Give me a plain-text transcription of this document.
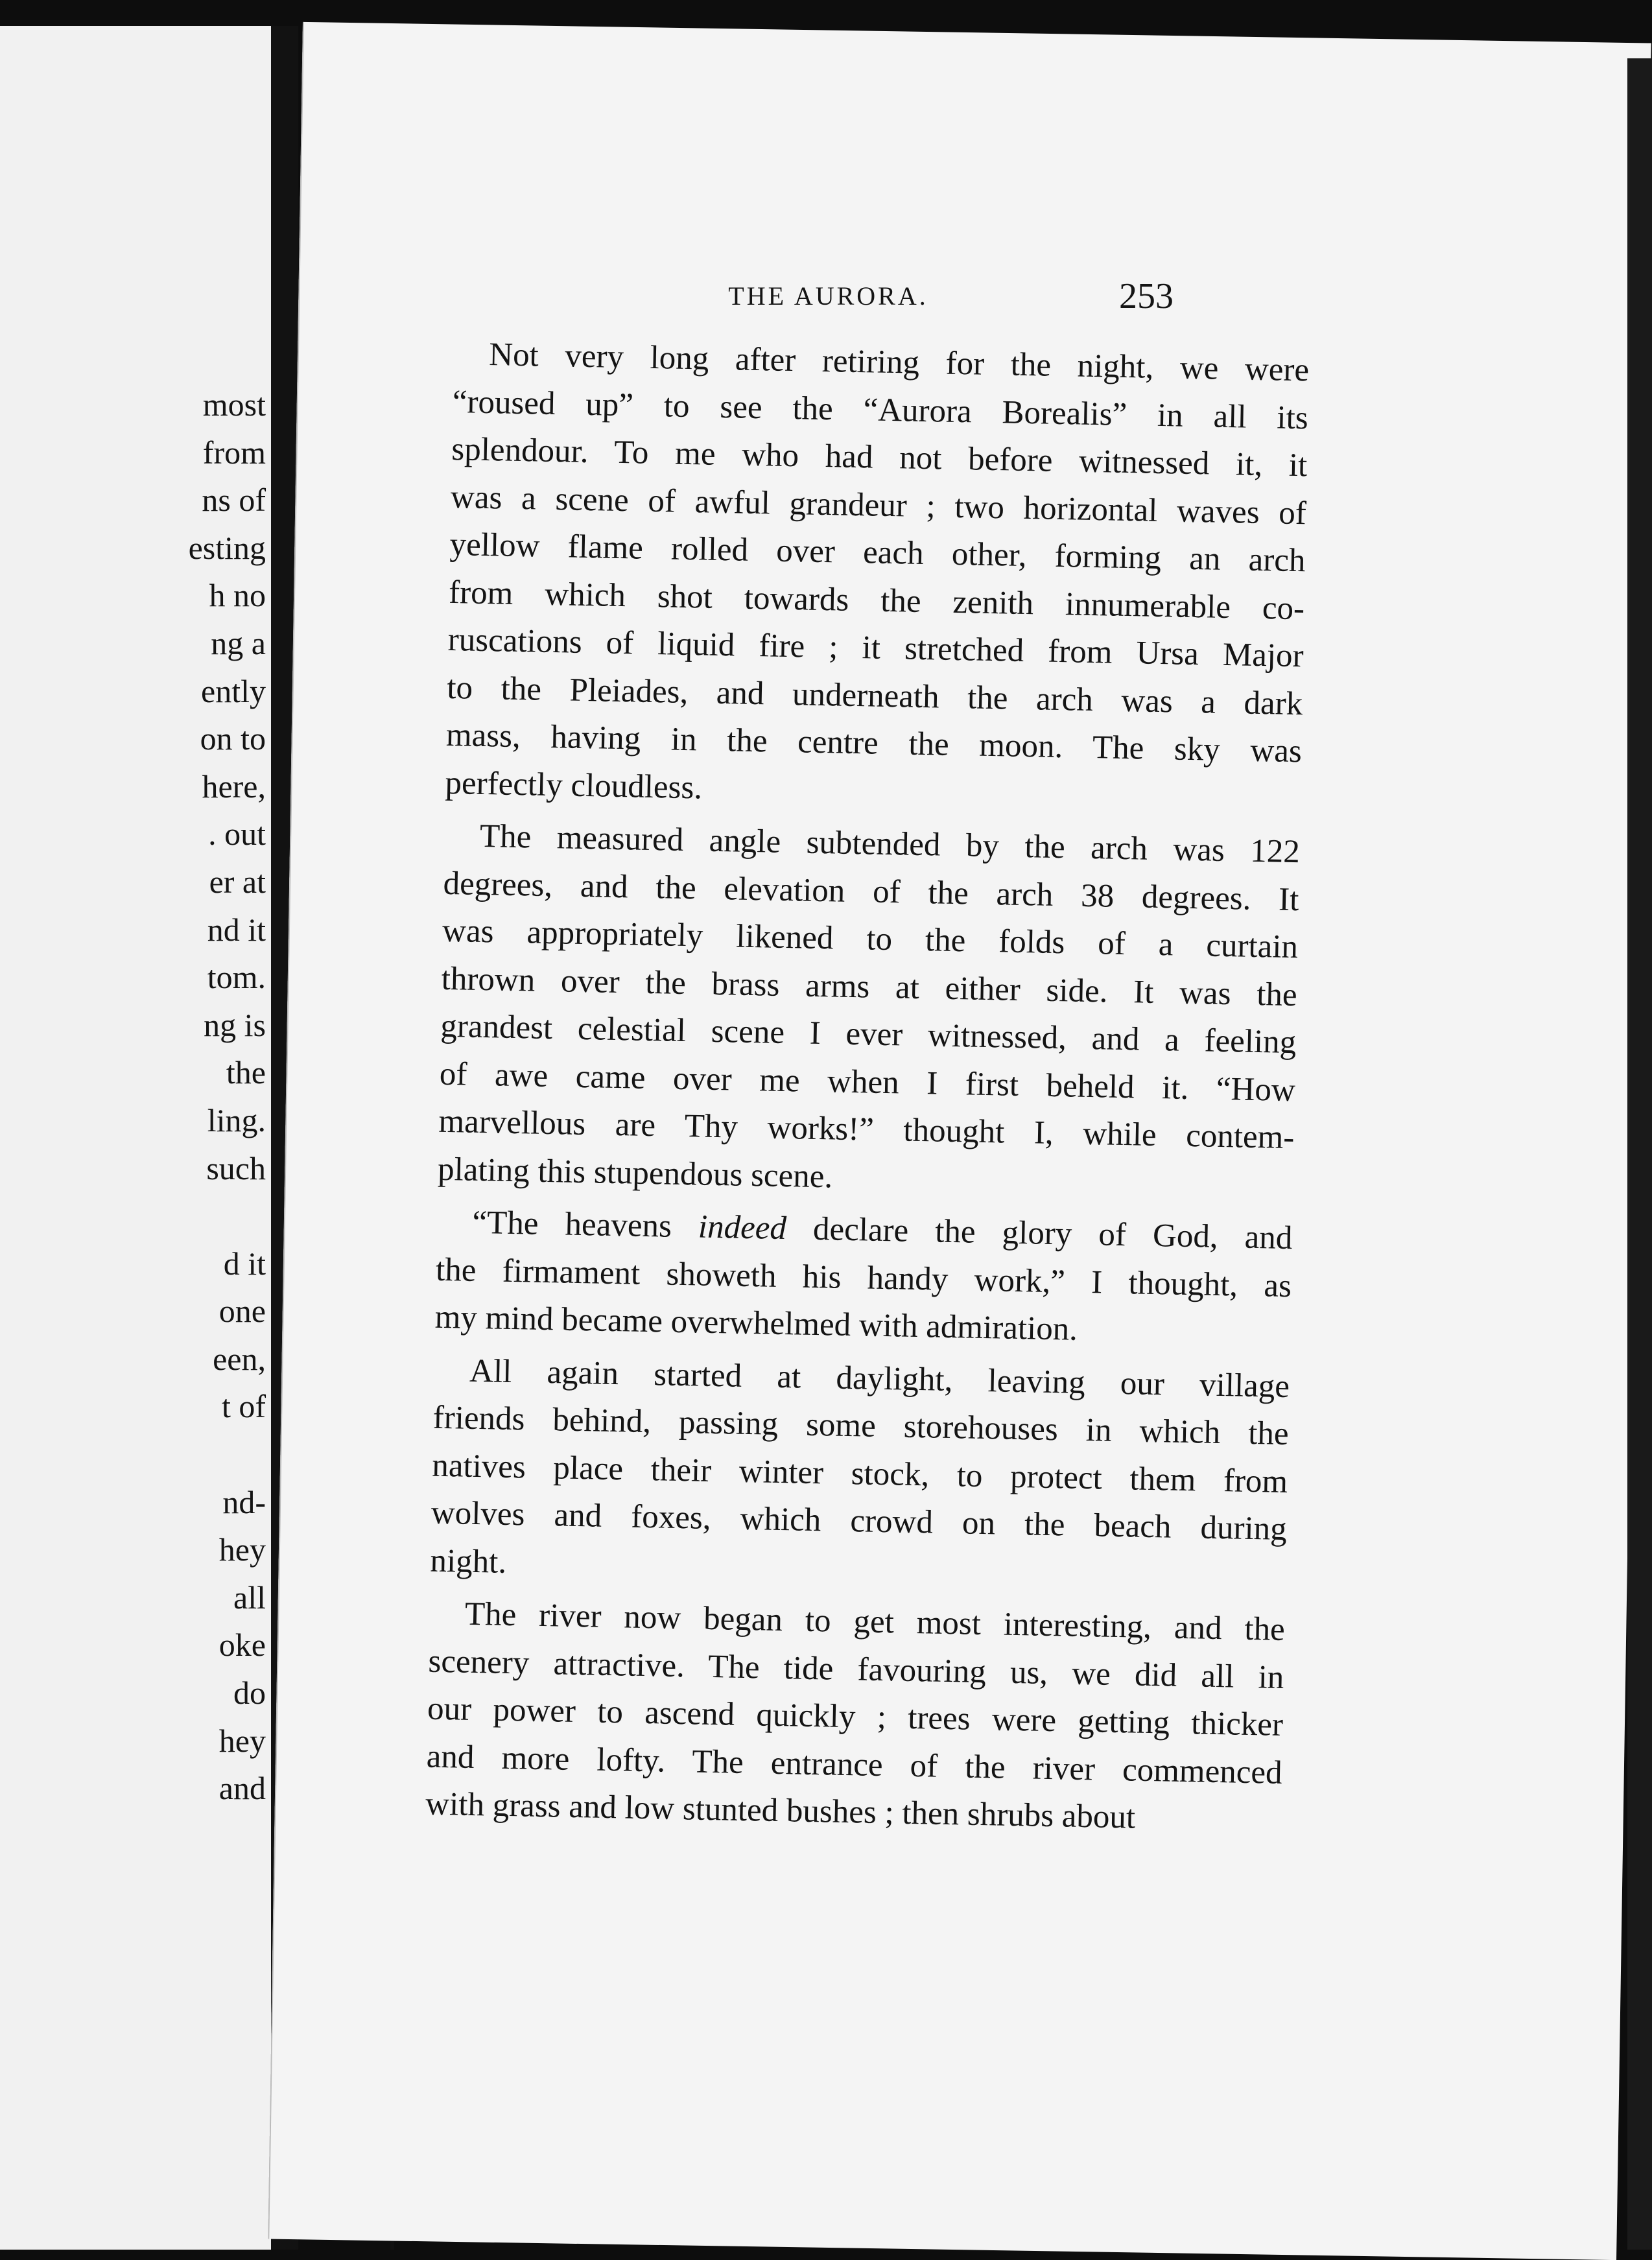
most
from
ns of
esting
h no
ng a
ently
on to
here,
. out
er at
nd it
tom.
ng is
the
ling.
such
d it
one
een,
t of
nd-
hey
all
oke
do
hey
and
THE AURORA.	253
Not very long after retiring for the night, we were
“roused up” to see the “Aurora Borealis” in all its
splendour. To me who had not before witnessed it, it
was a scene of awful grandeur ; two horizontal waves of
yellow flame rolled over each other, forming an arch
from which shot towards the zenith innumerable co-
ruscations of liquid fire ; it stretched from Ursa Major
to the Pleiades, and underneath the arch was a dark
mass, having in the centre the moon. The sky was
perfectly cloudless.
The measured angle subtended by the arch was 122
degrees, and the elevation of the arch 38 degrees. It
was appropriately likened to the folds of a curtain
thrown over the brass arms at either side. It was the
grandest celestial scene I ever witnessed, and a feeling
of awe came over me when I first beheld it. “How
marvellous are Thy works!” thought I, while contem-
plating this stupendous scene.
“The heavens indeed declare the glory of God, and
the firmament showeth his handy work,” I thought, as
my mind became overwhelmed with admiration.
All again started at daylight, leaving our village
friends behind, passing some storehouses in which the
natives place their winter stock, to protect them from
wolves and foxes, which crowd on the beach during
night.
The river now began to get most interesting, and the
scenery attractive. The tide favouring us, we did all in
our power to ascend quickly ; trees were getting thicker
and more lofty. The entrance of the river commenced
with grass and low stunted bushes ; then shrubs about
